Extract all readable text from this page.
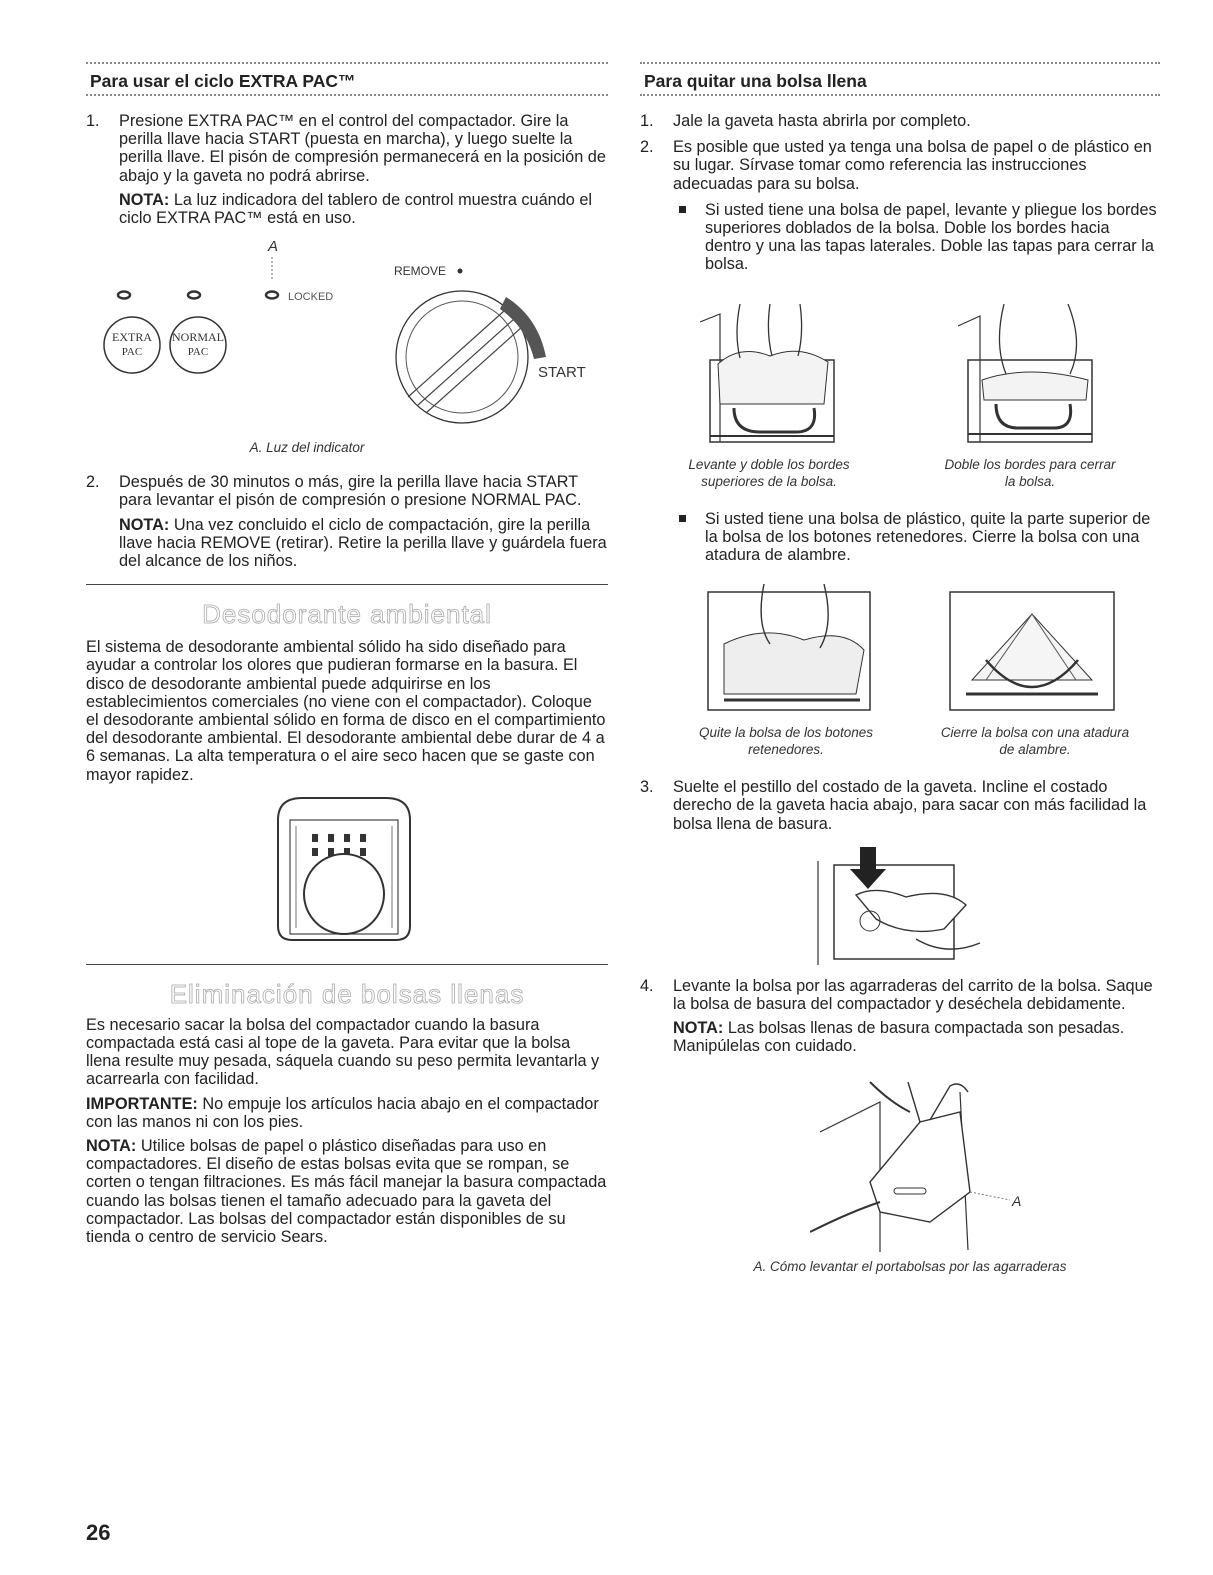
Para usar el ciclo EXTRA PAC™
1. Presione EXTRA PAC™ en el control del compactador. Gire la perilla llave hacia START (puesta en marcha), y luego suelte la perilla llave. El pisón de compresión permanecerá en la posición de abajo y la gaveta no podrá abrirse.

NOTA: La luz indicadora del tablero de control muestra cuándo el ciclo EXTRA PAC™ está en uso.

A
LOCKED
REMOVE
EXTRA
PAC
NORMAL
PAC
START
A. Luz del indicator
2. Después de 30 minutos o más, gire la perilla llave hacia START para levantar el pisón de compresión o presione NORMAL PAC.

NOTA: Una vez concluido el ciclo de compactación, gire la perilla llave hacia REMOVE (retirar). Retire la perilla llave y guárdela fuera del alcance de los niños.

Desodorante ambiental

El sistema de desodorante ambiental sólido ha sido diseñado para ayudar a controlar los olores que pudieran formarse en la basura. El disco de desodorante ambiental puede adquirirse en los establecimientos comerciales (no viene con el compactador). Coloque el desodorante ambiental sólido en forma de disco en el compartimiento del desodorante ambiental. El desodorante ambiental debe durar de 4 a 6 semanas. La alta temperatura o el aire seco hacen que se gaste con mayor rapidez.

Eliminación de bolsas llenas

Es necesario sacar la bolsa del compactador cuando la basura compactada está casi al tope de la gaveta. Para evitar que la bolsa llena resulte muy pesada, sáquela cuando su peso permita levantarla y acarrearla con facilidad.

IMPORTANTE: No empuje los artículos hacia abajo en el compactador con las manos ni con los pies.

NOTA: Utilice bolsas de papel o plástico diseñadas para uso en compactadores. El diseño de estas bolsas evita que se rompan, se corten o tengan filtraciones. Es más fácil manejar la basura compactada cuando las bolsas tienen el tamaño adecuado para la gaveta del compactador. Las bolsas del compactador están disponibles de su tienda o centro de servicio Sears.

Para quitar una bolsa llena
1. Jale la gaveta hasta abrirla por completo.

2. Es posible que usted ya tenga una bolsa de papel o de plástico en su lugar. Sírvase tomar como referencia las instrucciones adecuadas para su bolsa.

Si usted tiene una bolsa de papel, levante y pliegue los bordes superiores doblados de la bolsa. Doble los bordes hacia dentro y una las tapas laterales. Doble las tapas para cerrar la bolsa.

Levante y doble los bordes superiores de la bolsa.
Doble los bordes para cerrar la bolsa.

Si usted tiene una bolsa de plástico, quite la parte superior de la bolsa de los botones retenedores. Cierre la bolsa con una atadura de alambre.

Quite la bolsa de los botones retenedores.
Cierre la bolsa con una atadura de alambre.
3. Suelte el pestillo del costado de la gaveta. Incline el costado derecho de la gaveta hacia abajo, para sacar con más facilidad la bolsa llena de basura.

4. Levante la bolsa por las agarraderas del carrito de la bolsa. Saque la bolsa de basura del compactador y deséchela debidamente.

NOTA: Las bolsas llenas de basura compactada son pesadas. Manipúlelas con cuidado.

A
A. Cómo levantar el portabolsas por las agarraderas
26
